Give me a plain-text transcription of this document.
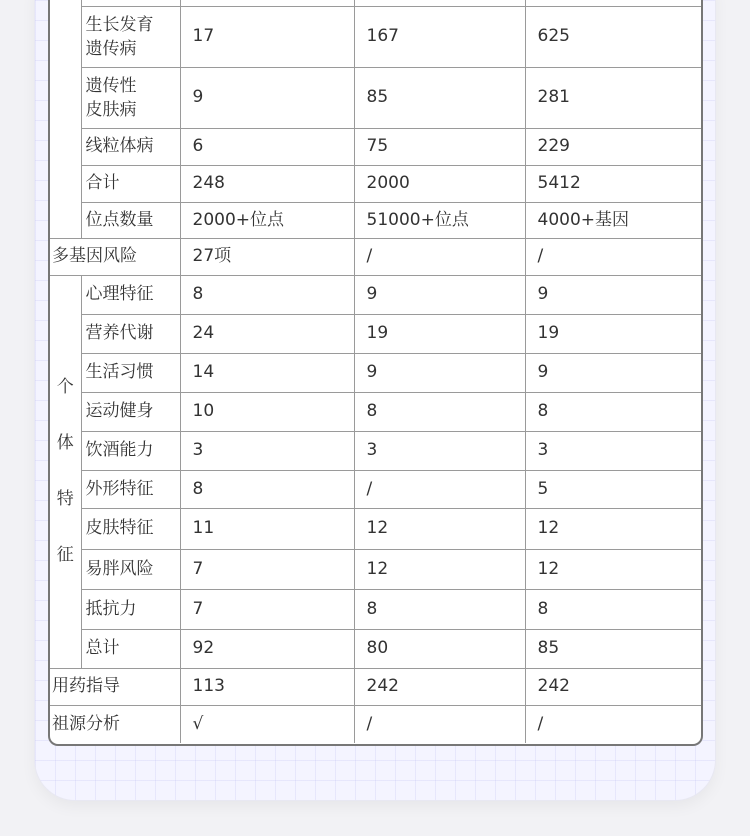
	生长发育
遗传病	17	167	625

	遗传性
皮肤病	9	85	281
	线粒体病	6	75	229
	合计	248	2000	5412
	位点数量	2000+位点	51000+位点	4000+基因
多基因风险		27项	/	/

个
体
特
征	心理特征	8	9	9
	营养代谢	24	19	19
	生活习惯	14	9	9
	运动健身	10	8	8
	饮酒能力	3	3	3
	外形特征	8	/	5
	皮肤特征	11	12	12
	易胖风险	7	12	12
	抵抗力	7	8	8
	总计	92	80	85
用药指导		113	242	242
祖源分析		√	/	/
